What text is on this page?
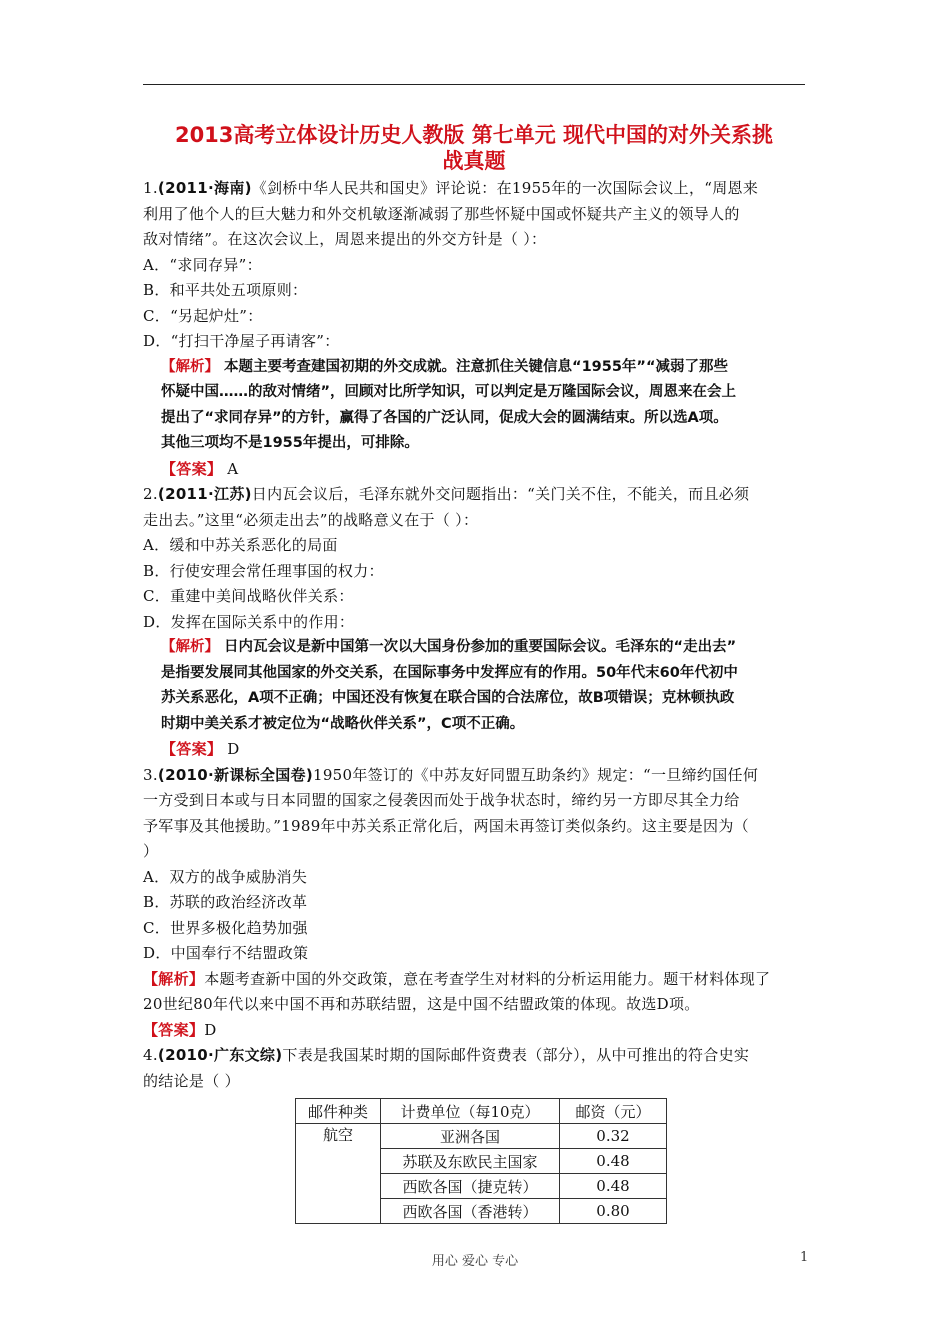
2013高考立体设计历史人教版 第七单元 现代中国的对外关系挑
战真题
1.(2011·海南)《剑桥中华人民共和国史》评论说：在1955年的一次国际会议上，“周恩来
利用了他个人的巨大魅力和外交机敏逐渐减弱了那些怀疑中国或怀疑共产主义的领导人的
敌对情绪”。在这次会议上，周恩来提出的外交方针是（ ）：
A．“求同存异”：
B．和平共处五项原则：
C．“另起炉灶”：
D．“打扫干净屋子再请客”：
【解析】 本题主要考查建国初期的外交成就。注意抓住关键信息“1955年”“减弱了那些
怀疑中国……的敌对情绪”，回顾对比所学知识，可以判定是万隆国际会议，周恩来在会上
提出了“求同存异”的方针，赢得了各国的广泛认同，促成大会的圆满结束。所以选A项。
其他三项均不是1955年提出，可排除。
【答案】 A
2.(2011·江苏)日内瓦会议后，毛泽东就外交问题指出：“关门关不住，不能关，而且必须
走出去。”这里“必须走出去”的战略意义在于（ ）：
A．缓和中苏关系恶化的局面
B．行使安理会常任理事国的权力：
C．重建中美间战略伙伴关系：
D．发挥在国际关系中的作用：
【解析】 日内瓦会议是新中国第一次以大国身份参加的重要国际会议。毛泽东的“走出去”
是指要发展同其他国家的外交关系，在国际事务中发挥应有的作用。50年代末60年代初中
苏关系恶化，A项不正确；中国还没有恢复在联合国的合法席位，故B项错误；克林顿执政
时期中美关系才被定位为“战略伙伴关系”，C项不正确。
【答案】 D
3.(2010·新课标全国卷)1950年签订的《中苏友好同盟互助条约》规定：“一旦缔约国任何
一方受到日本或与日本同盟的国家之侵袭因而处于战争状态时，缔约另一方即尽其全力给
予军事及其他援助。”1989年中苏关系正常化后，两国未再签订类似条约。这主要是因为（
）
A．双方的战争威胁消失
B．苏联的政治经济改革
C．世界多极化趋势加强
D．中国奉行不结盟政策
【解析】本题考查新中国的外交政策，意在考查学生对材料的分析运用能力。题干材料体现了
20世纪80年代以来中国不再和苏联结盟，这是中国不结盟政策的体现。故选D项。
【答案】D
4.(2010·广东文综)下表是我国某时期的国际邮件资费表（部分），从中可推出的符合史实
的结论是（ ）
邮件种类	计费单位（每10克）	邮资（元）
航空	亚洲各国	0.32
	苏联及东欧民主国家	0.48
	西欧各国（捷克转）	0.48
	西欧各国（香港转）	0.80
用心 爱心 专心	1
